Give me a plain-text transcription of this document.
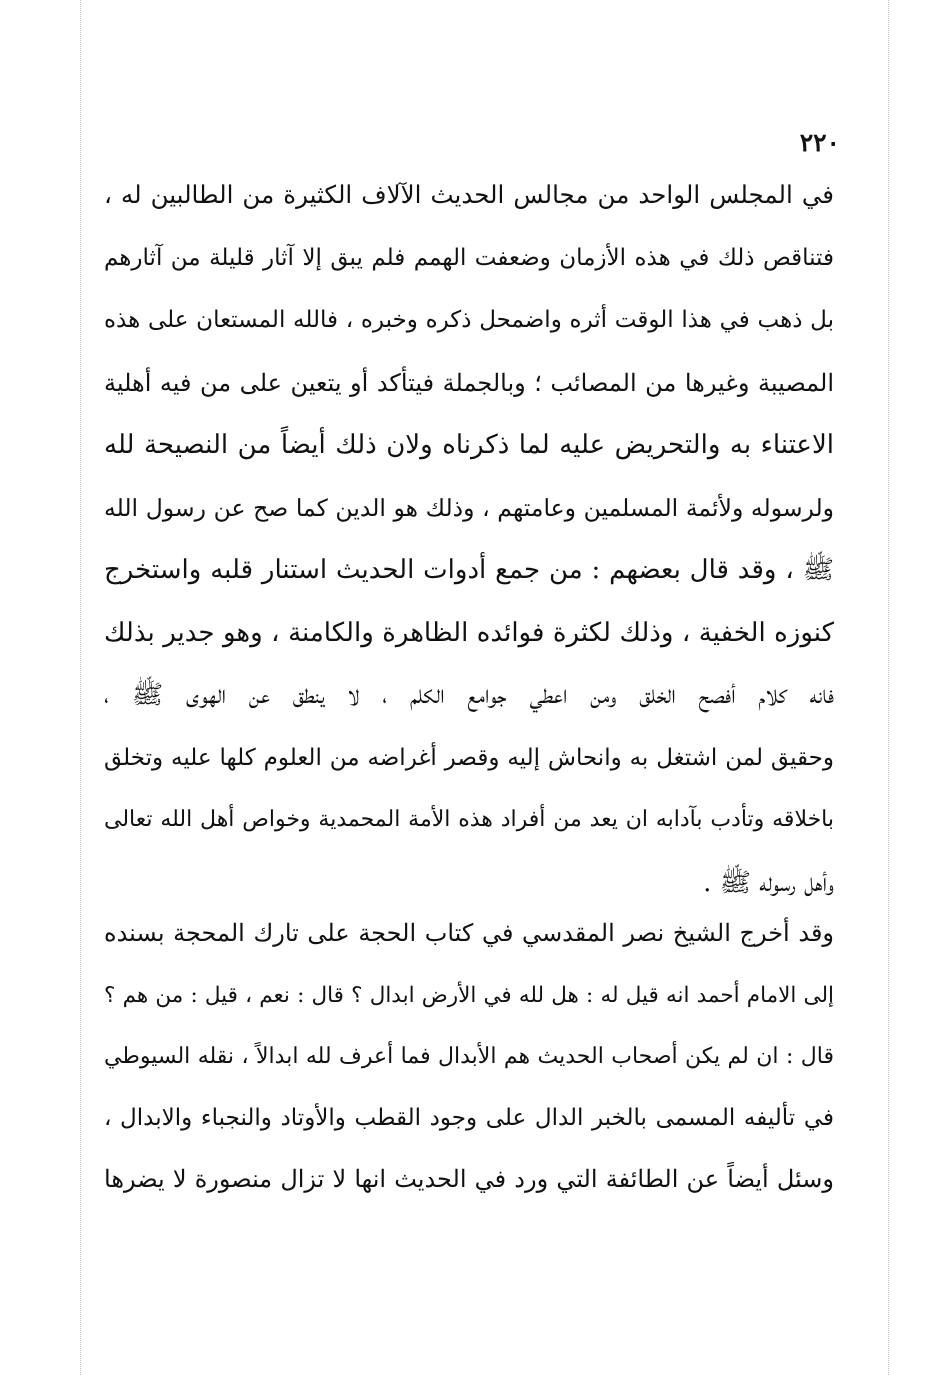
٢٢٠
في المجلس الواحد من مجالس الحديث الآلاف الكثيرة من الطالبين له ،
فتناقص ذلك في هذه الأزمان وضعفت الهمم فلم يبق إلا آثار قليلة من آثارهم
بل ذهب في هذا الوقت أثره واضمحل ذكره وخبره ، فالله المستعان على هذه
المصيبة وغيرها من المصائب ؛ وبالجملة فيتأكد أو يتعين على من فيه أهلية
الاعتناء به والتحريض عليه لما ذكرناه ولان ذلك أيضاً من النصيحة لله
ولرسوله ولأئمة المسلمين وعامتهم ، وذلك هو الدين كما صح عن رسول الله
ﷺ ، وقد قال بعضهم : من جمع أدوات الحديث استنار قلبه واستخرج
كنوزه الخفية ، وذلك لكثرة فوائده الظاهرة والكامنة ، وهو جدير بذلك
فانه كلام أفصح الخلق ومن اعطي جوامع الكلم ، لا ينطق عن الهوى ﷺ ،
وحقيق لمن اشتغل به وانحاش إليه وقصر أغراضه من العلوم كلها عليه وتخلق
باخلاقه وتأدب بآدابه ان يعد من أفراد هذه الأمة المحمدية وخواص أهل الله تعالى
وأهل رسوله ﷺ .
وقد أخرج الشيخ نصر المقدسي في كتاب الحجة على تارك المحجة بسنده
إلى الامام أحمد انه قيل له : هل لله في الأرض ابدال ؟ قال : نعم ، قيل : من هم ؟
قال : ان لم يكن أصحاب الحديث هم الأبدال فما أعرف لله ابدالاً ، نقله السيوطي
في تأليفه المسمى بالخبر الدال على وجود القطب والأوتاد والنجباء والابدال ،
وسئل أيضاً عن الطائفة التي ورد في الحديث انها لا تزال منصورة لا يضرها
